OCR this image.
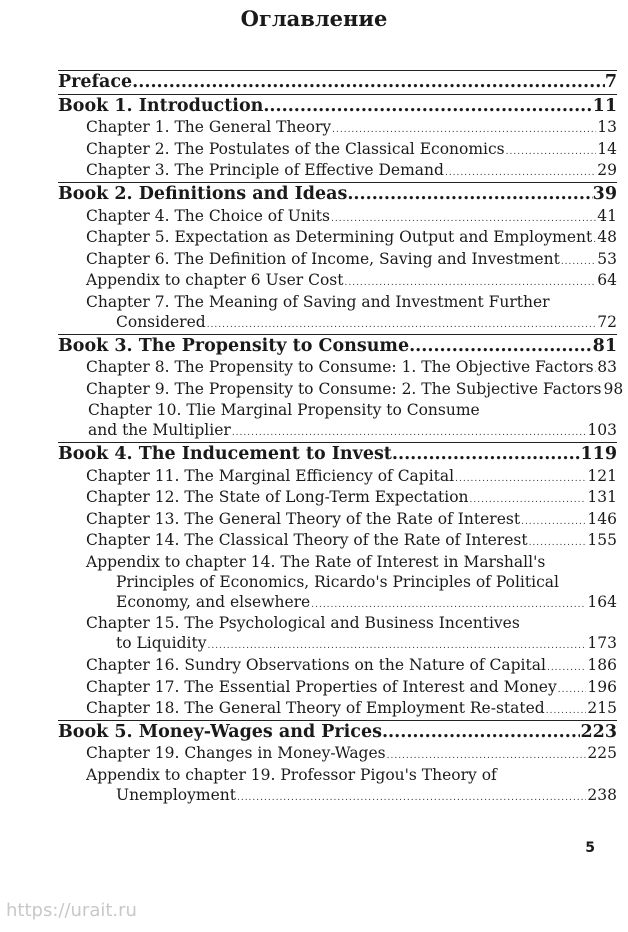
Оглавление
Preface .....	7
Book 1. Introduction .....	11
Chapter 1. The General Theory .....	13
Chapter 2. The Postulates of the Classical Economics .....	14
Chapter 3. The Principle of Effective Demand .....	29
Book 2. Definitions and Ideas .....	39
Chapter 4. The Choice of Units .....	41
Chapter 5. Expectation as Determining Output and Employment ..... 48
Chapter 6. The Definition of Income, Saving and Investment ..... 53
Appendix to chapter 6 User Cost .....	64
Chapter 7. The Meaning of Saving and Investment Further
Considered .....	72
Book 3. The Propensity to Consume .....	81
Chapter 8. The Propensity to Consume: 1. The Objective Factors ..... 83
Chapter 9. The Propensity to Consume: 2. The Subjective Factors 98
Chapter 10. Tlie Marginal Propensity to Consume
and the Multiplier .....	103
Book 4. The Inducement to Invest .....	119
Chapter 11. The Marginal Efficiency of Capital .....	121
Chapter 12. The State of Long-Term Expectation .....	131
Chapter 13. The General Theory of the Rate of Interest .....	146
Chapter 14. The Classical Theory of the Rate of Interest .....	155
Appendix to chapter 14. The Rate of Interest in Marshall's
Principles of Economics, Ricardo's Principles of Political
Economy, and elsewhere .....	164
Chapter 15. The Psychological and Business Incentives
to Liquidity .....	173
Chapter 16. Sundry Observations on the Nature of Capital .....	186
Chapter 17. The Essential Properties of Interest and Money ..... 196
Chapter 18. The General Theory of Employment Re-stated .....	215
Book 5. Money-Wages and Prices .....	223
Chapter 19. Changes in Money-Wages .....	225
Appendix to chapter 19. Professor Pigou's Theory of
Unemployment .....	238
5
https://urait.ru
